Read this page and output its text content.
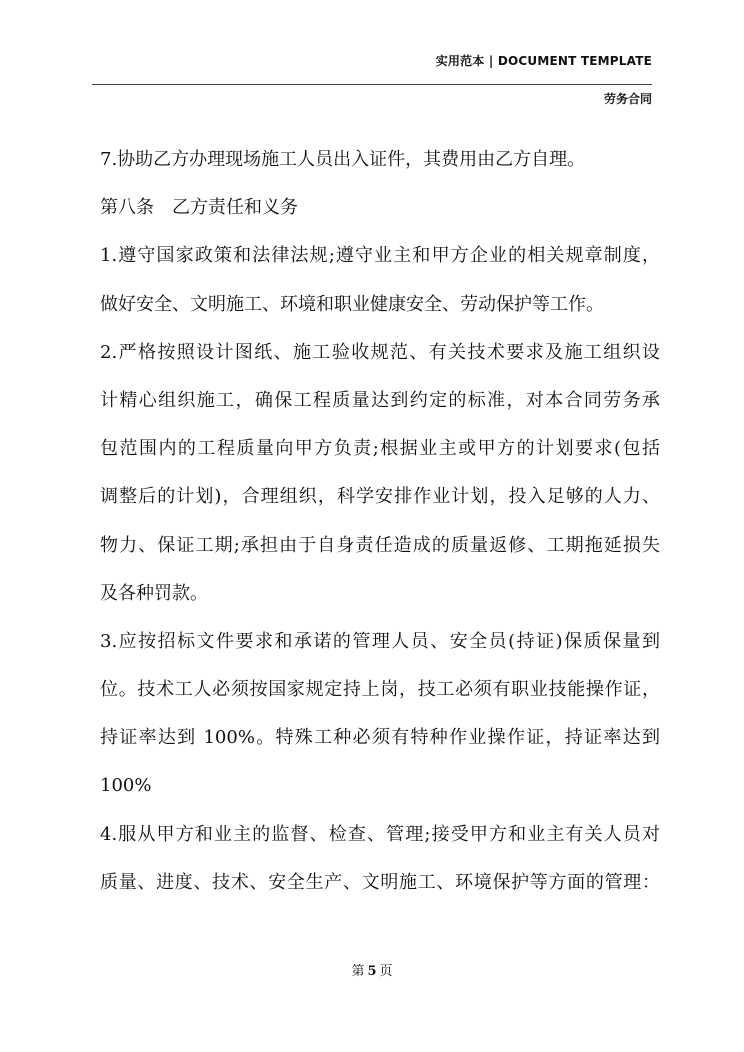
实用范本 | DOCUMENT TEMPLATE
劳务合同
7.协助乙方办理现场施工人员出入证件，其费用由乙方自理。
第八条　乙方责任和义务
1.遵守国家政策和法律法规;遵守业主和甲方企业的相关规章制度，
做好安全、文明施工、环境和职业健康安全、劳动保护等工作。
2.严格按照设计图纸、施工验收规范、有关技术要求及施工组织设
计精心组织施工，确保工程质量达到约定的标准，对本合同劳务承
包范围内的工程质量向甲方负责;根据业主或甲方的计划要求(包括
调整后的计划)，合理组织，科学安排作业计划，投入足够的人力、
物力、保证工期;承担由于自身责任造成的质量返修、工期拖延损失
及各种罚款。
3.应按招标文件要求和承诺的管理人员、安全员(持证)保质保量到
位。技术工人必须按国家规定持上岗，技工必须有职业技能操作证，
持证率达到 100%。特殊工种必须有特种作业操作证，持证率达到
100%
4.服从甲方和业主的监督、检查、管理;接受甲方和业主有关人员对
质量、进度、技术、安全生产、文明施工、环境保护等方面的管理：
第 5 页
